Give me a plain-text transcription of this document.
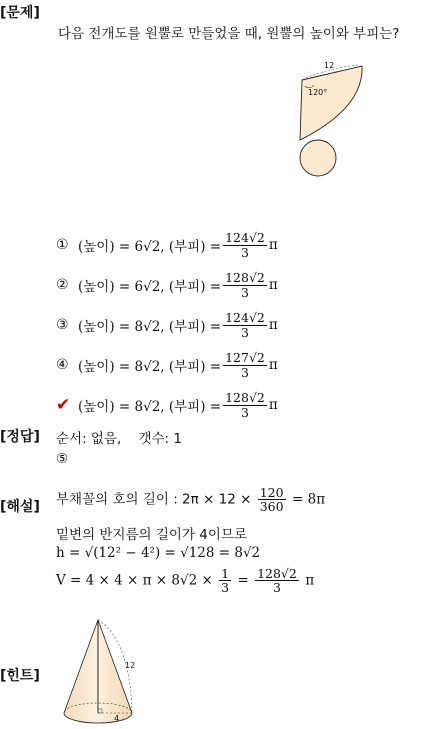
[문제]
[정답]
[해설]
[힌트]
다음 전개도를 원뿔로 만들었을 때, 원뿔의 높이와 부피는?
12
120°
① (높이) = 6√2, (부피) = $\frac{124√2}{3}$ π
② (높이) = 6√2, (부피) = $\frac{128√2}{3}$ π
③ (높이) = 8√2, (부피) = $\frac{124√2}{3}$ π
④ (높이) = 8√2, (부피) = $\frac{127√2}{3}$ π
✔ (높이) = 8√2, (부피) = $\frac{128√2}{3}$ π
순서: 없음,    갯수: 1
⑤
부채꼴의 호의 길이 : $2\pi \times 12 \times \frac{120}{360} = 8\pi$
밑변의 반지름의 길이가 4이므로
h = √(12² − 4²) = √128 = 8√2
$V = 4 \times 4 \times \pi \times 8√2 \times \frac{1}{3} = \frac{128√2}{3}$ π
12
4
